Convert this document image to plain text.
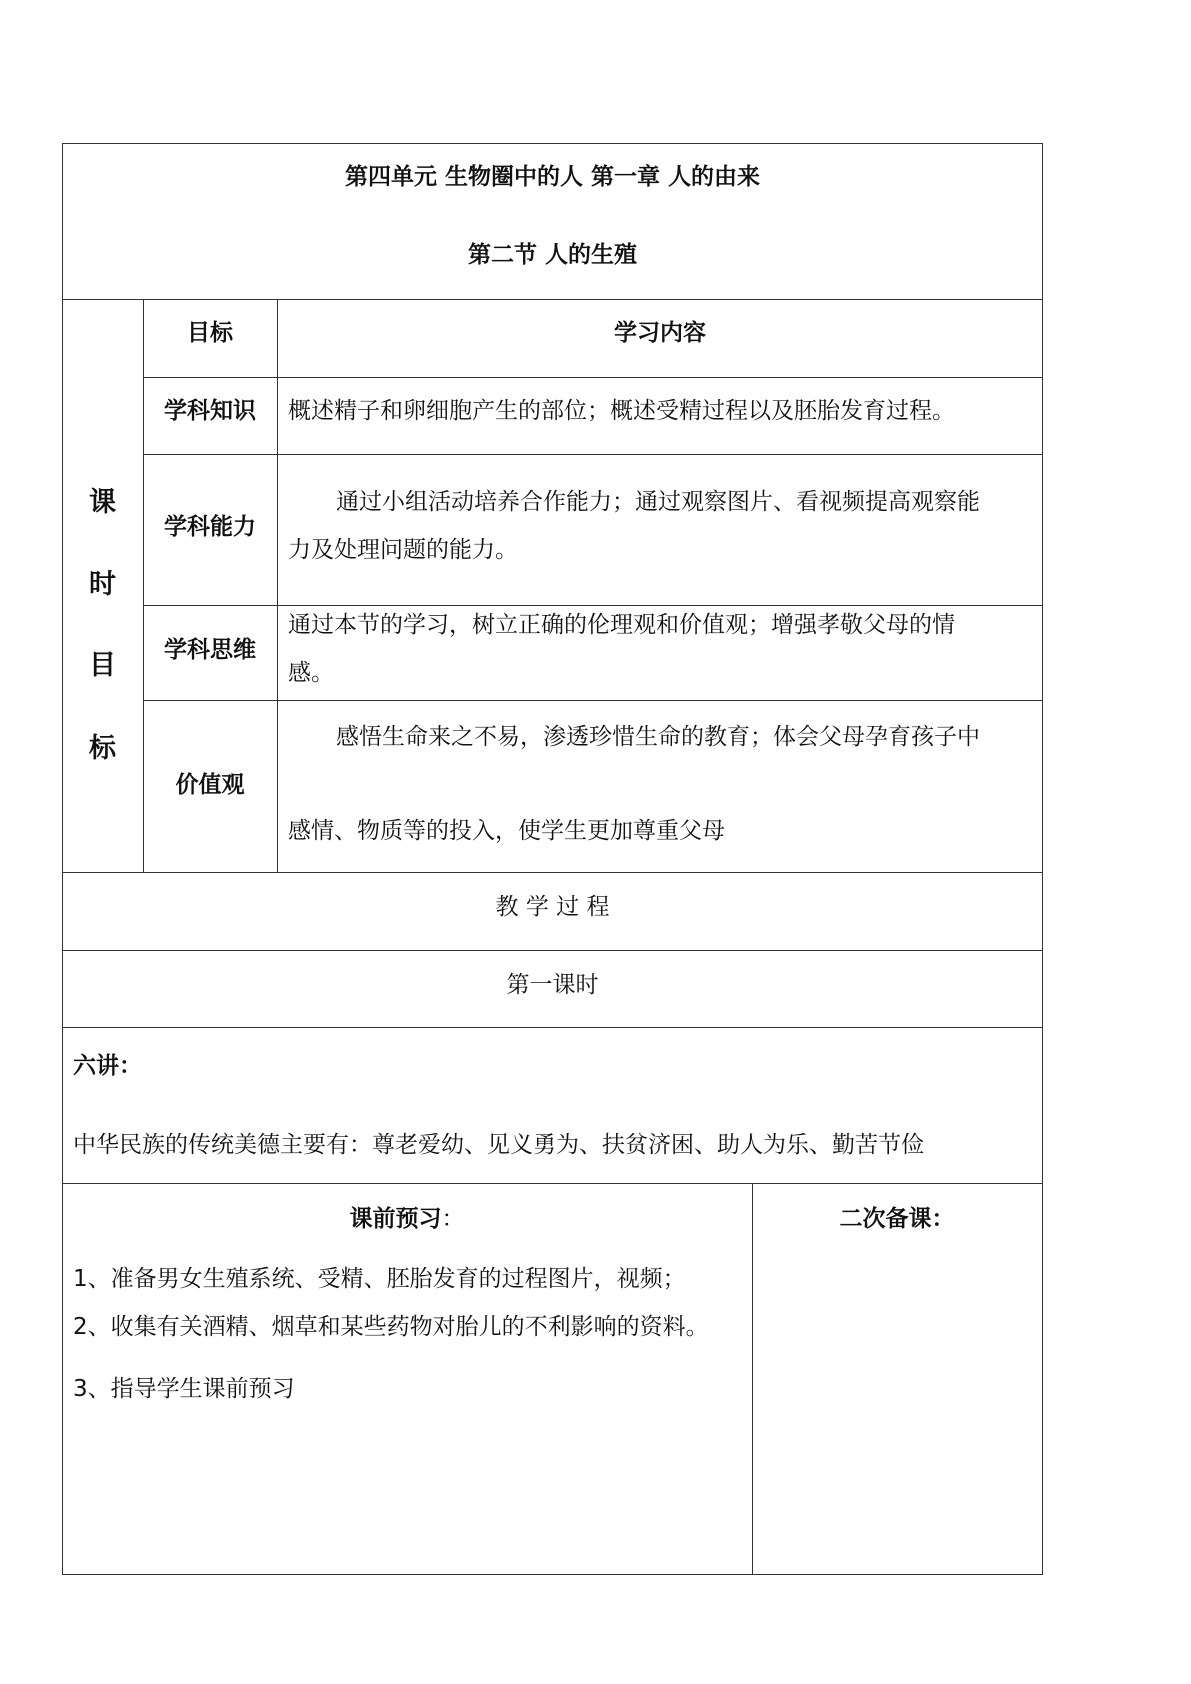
第四单元 生物圈中的人 第一章 人的由来
第二节 人的生殖
课
时
目
标
目标	学习内容
学科知识	概述精子和卵细胞产生的部位；概述受精过程以及胚胎发育过程。
学科能力
通过小组活动培养合作能力；通过观察图片、看视频提高观察能
力及处理问题的能力。
学科思维
通过本节的学习，树立正确的伦理观和价值观；增强孝敬父母的情
感。
价值观
感悟生命来之不易，渗透珍惜生命的教育；体会父母孕育孩子中
感情、物质等的投入，使学生更加尊重父母
教 学 过 程
第一课时
六讲：
中华民族的传统美德主要有：尊老爱幼、见义勇为、扶贫济困、助人为乐、勤苦节俭
课前预习：
1、准备男女生殖系统、受精、胚胎发育的过程图片，视频；
2、收集有关酒精、烟草和某些药物对胎儿的不利影响的资料。
3、指导学生课前预习
二次备课：
